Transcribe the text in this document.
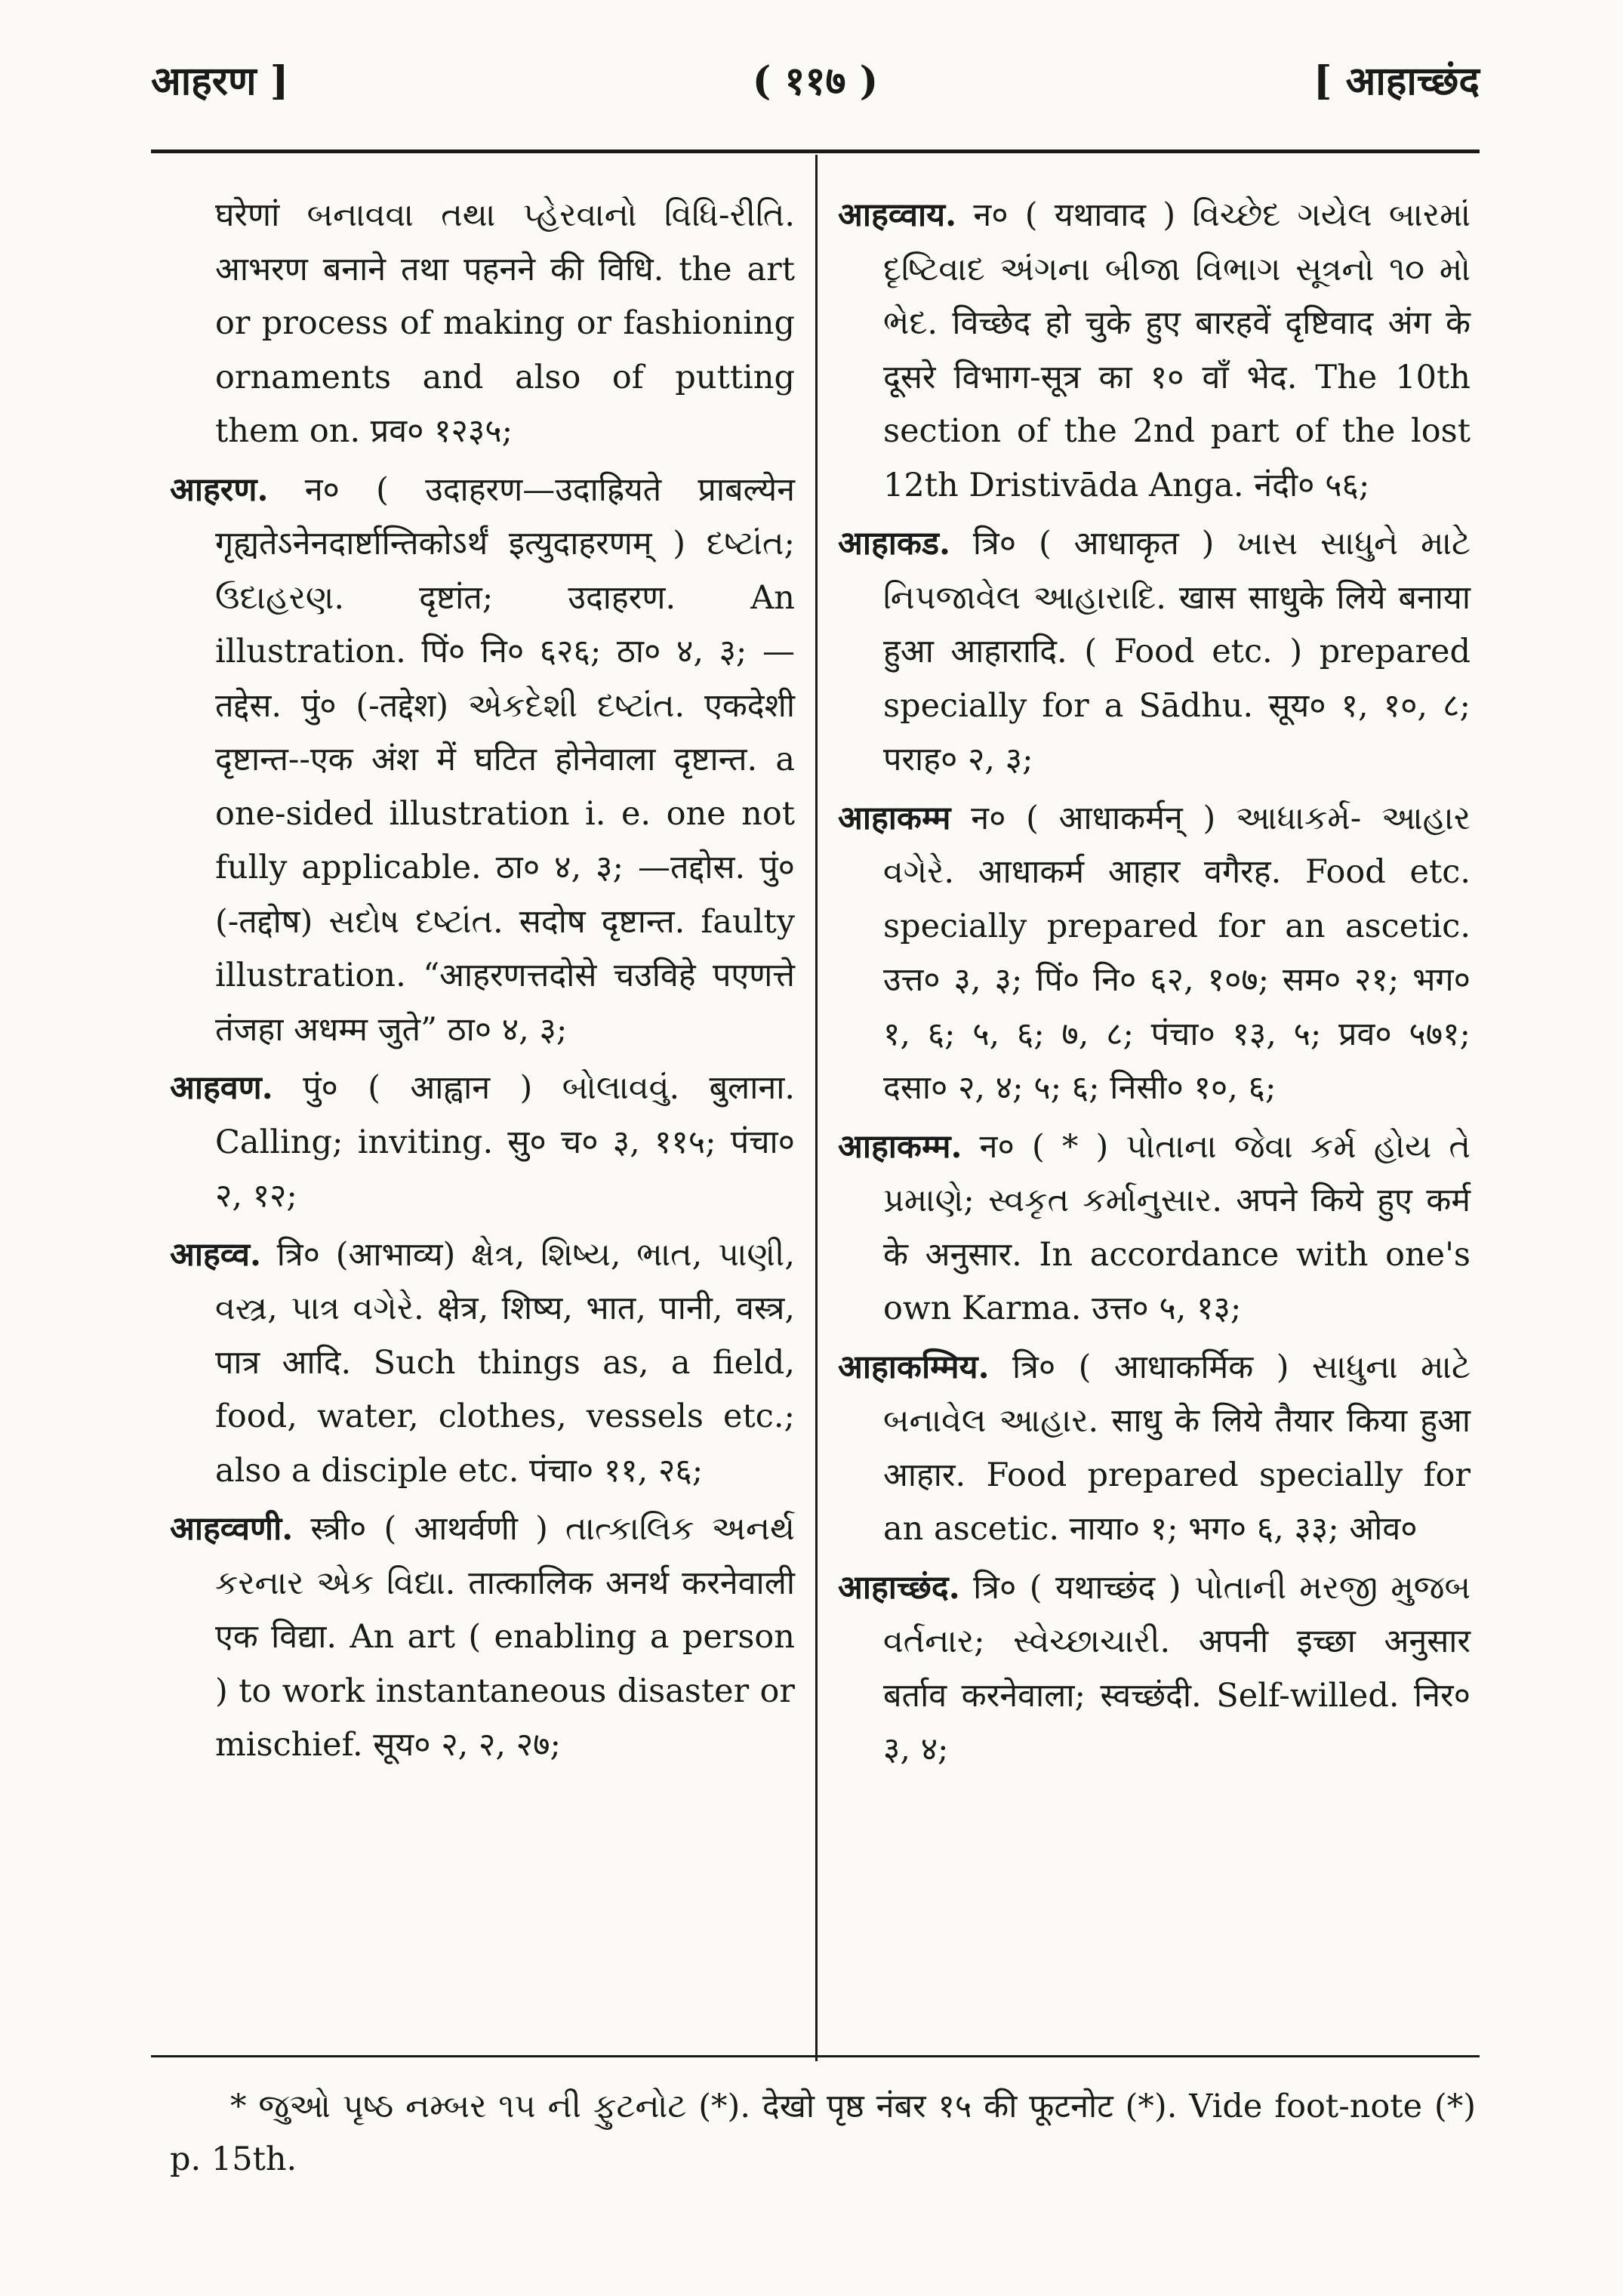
आहरण ]	( ११७ )	[ आहाच्छंद

घरेणां બનાવવા તથા પ્હેરવાનો વિધિ-રીતિ. आभरण बनाने तथा पहनने की विधि. the art or process of making or fashioning ornaments and also of putting them on. प्रव० १२३५;

आहरण. न० ( उदाहरण—उदाह्रियते प्राबल्येन गृह्यतेऽनेनदार्ष्टान्तिकोऽर्थं इत्युदाहरणम् ) દષ્ટાંત; ઉદાહરણ. दृष्टांत; उदाहरण. An illustration. पिं० नि० ६२६; ठा० ४, ३; —तद्देस. पुं० (-तद्देश) એકદેશી દષ્ટાંત. एकदेशी दृष्टान्त--एक अंश में घटित होनेवाला दृष्टान्त. a one-sided illustration i. e. one not fully applicable. ठा० ४, ३; —तद्दोस. पुं० (-तद्दोष) સદોષ દષ્ટાંત. सदोष दृष्टान्त. faulty illustration. “आहरणत्तदोसे चउविहे पएणत्ते तंजहा अधम्म जुते” ठा० ४, ३;

आहवण. पुं० ( आह्वान ) બોલાવવું. बुलाना. Calling; inviting. सु० च० ३, ११५; पंचा० २, १२;

आहव्व. त्रि० (आभाव्य) ક્ષેત્ર, શિષ્ય, ભાત, પાણી, વસ્ત્ર, પાત્ર વગેરે. क्षेत्र, शिष्य, भात, पानी, वस्त्र, पात्र आदि. Such things as, a field, food, water, clothes, vessels etc.; also a disciple etc. पंचा० ११, २६;

आहव्वणी. स्त्री० ( आथर्वणी ) તાત્કાલિક અનર્થ કરનાર એક વિદ્યા. तात्कालिक अनर्थ करनेवाली एक विद्या. An art ( enabling a person ) to work instantaneous disaster or mischief. सूय० २, २, २७;

आहव्वाय. न० ( यथावाद ) વિચ્છેદ ગયેલ બારમાં દૃષ્ટિવાદ અંગના બીજા વિભાગ સૂત્રનો ૧૦ મો ભેદ. विच्छेद हो चुके हुए बारहवें दृष्टिवाद अंग के दूसरे विभाग-सूत्र का १० वाँ भेद. The 10th section of the 2nd part of the lost 12th Dristivāda Anga. नंदी० ५६;

आहाकड. त्रि० ( आधाकृत ) ખાસ સાધુને માટે નિપજાવેલ આહારાદિ. खास साधुके लिये बनाया हुआ आहारादि. ( Food etc. ) prepared specially for a Sādhu. सूय० १, १०, ८; पराह० २, ३;

आहाकम्म न० ( आधाकर्मन् ) આધાકર્મ- આહાર વગેરે. आधाकर्म आहार वगैरह. Food etc. specially prepared for an ascetic. उत्त० ३, ३; पिं० नि० ६२, १०७; सम० २१; भग० १, ६; ५, ६; ७, ८; पंचा० १३, ५; प्रव० ५७१; दसा० २, ४; ५; ६; निसी० १०, ६;

आहाकम्म. न० ( * ) પોતાના જેવા કર્મ હોય તે પ્રમાણે; સ્વકૃત કર્માનુસાર. अपने किये हुए कर्म के अनुसार. In accordance with one's own Karma. उत्त० ५, १३;

आहाकम्मिय. त्रि० ( आधाकर्मिक ) સાધુના માટે બનાવેલ આહાર. साधु के लिये तैयार किया हुआ आहार. Food prepared specially for an ascetic. नाया० १; भग० ६, ३३; ओव०

आहाच्छंद. त्रि० ( यथाच्छंद ) પોતાની મરજી મુજબ વર્તનાર; સ્વેચ્છાચારી. अपनी इच्छा अनुसार बर्ताव करनेवाला; स्वच्छंदी. Self-willed. निर० ३, ४;

* જુઓ પૃષ્ઠ નમ્બર ૧૫ ની ફુટનોટ (*). देखो पृष्ठ नंबर १५ की फूटनोट (*). Vide foot-note (*) p. 15th.
